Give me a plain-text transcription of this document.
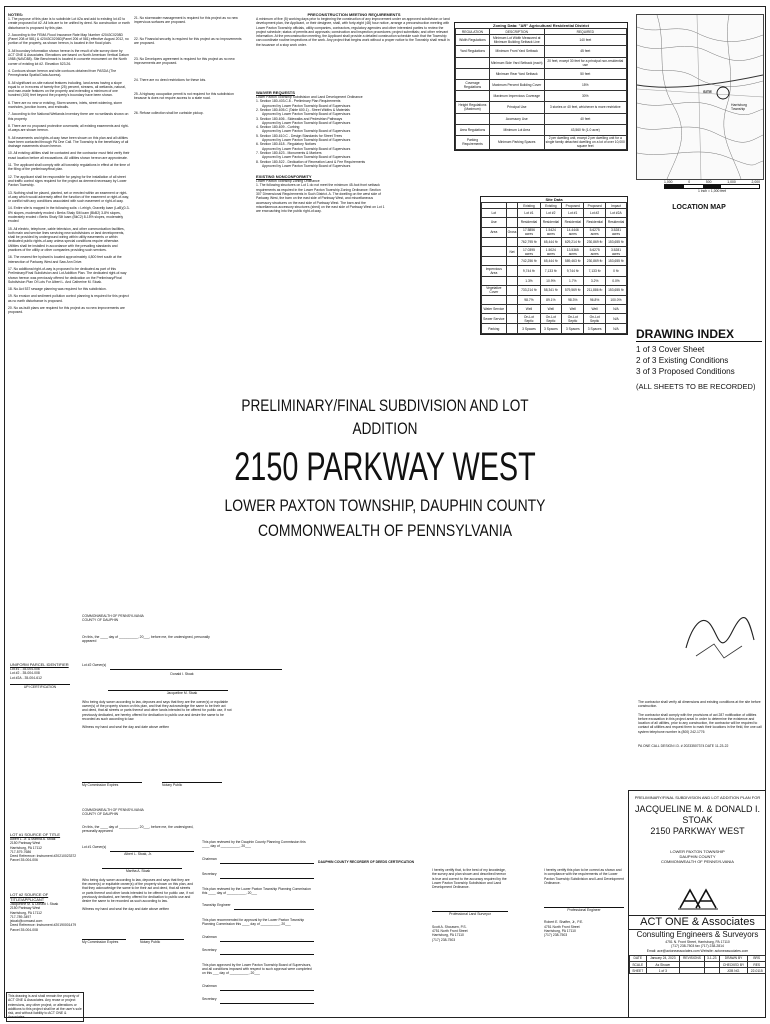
NOTES:

1. The purpose of this plan is to subdivide Lot #2a and add to existing lot #2 to create proposed lot #2. All lots are to be unified by deed. No construction or earth disturbance is proposed by this plan.

2. According to the FEMA Flood Insurance Rate Map Number 42043C0208D (Panel 208 of 581) & 42043C0206D(Panel 206 of 581) effective August 2012, no portion of the property, as shown hereon, is located in the flood plain.

3. All boundary information shown hereon is the result of site survey done by ACT ONE & Associates. Elevations are based on North American Vertical Datum 1988 (NAVD88). Site Benchmark is located in concrete monument on the North corner of existing lot #2. Elevation 523.26.

4. Contours shown hereon and site contours obtained from PASDA (The Pennsylvania Spatial Data Access).

5. All significant on-site natural features including, land areas having a slope equal to or in excess of twenty five (25) percent, streams, all wetlands, natural, and man-made features on the property and extending a minimum of one hundred (100) feet beyond the property's boundary have been shown.

6. There are no new or existing, Storm sewers, inlets, street widening, storm manholes, junction boxes, and endwalls.

7. According to the National Wetlands Inventory there are no wetlands shown on this property.

8. There are no proposed protective covenants; all existing easements and right-of-ways are shown hereon.

9. All easements and rights-of-way have been shown on this plan and all utilities have been contacted through PA One Call. The Township is the beneficiary of all drainage easements shown hereon.

10. All existing utilities shall be contacted and the contractor must field verify their exact location before all excavations. All utilities shown hereon are approximate.

11. The applicant shall comply with all township regulations in effect at the time of the filing of the preliminary/final plan.

12. The applicant shall be responsible for paying for the installation of all street and traffic control signs required for the project as deemed necessary by Lower Paxton Township.

13. Nothing shall be placed, planted, set or erected within an easement or right-of-way which would adversely affect the function of the easement or right-of-way, or conflict with any conditions associated with such easement or right-of-way.

14. Entire site is mapped in the following soils: • Lehigh, Gravelly loam (LaB)(0-3-8% slopes, moderately eroded • Berks Shaly Silt loam (BkB2) 3-8% slopes, moderately eroded • Berks Shaly Silt loam (BkC2) 8-15% slopes, moderately eroded

15. All electric, telephone, cable television, and other communication facilities, both main and service lines servicing new subdivisions or land developments, shall be provided by underground wiring within utility easements or within dedicated public rights-of-way unless special conditions require otherwise. Utilities shall be installed in accordance with the prevailing standards and practices of the utility or other companies providing such services.

16. The nearest fire hydrant is located approximately 4,800 feet south at the intersection of Parkway West and Saw Ann Drive.

17. No additional right-of-way is proposed to be dedicated as part of this Preliminary/Final Subdivision and Lot Addition Plan. The dedicated right-of-way shown hereon was previously offered for dedication on the Preliminary/Final Subdivision Plan Of Lots For Albert L. And Catherine M. Stoak.

18. No Act 537 sewage planning was required for this subdivision.

19. No erosion and sediment pollution control planning is required for this project as no earth disturbance is proposed.

20. No as-built plans are required for this project as no new improvements are proposed.

21. No stormwater management is required for this project as no new impervious surfaces are proposed.

22. No Financial security is required for this project as no improvements are proposed.

23. No Developers agreement is required for this project as no new improvements are proposed.

24. There are no deed restrictions for these lots.

25. A highway occupation permit is not required for this subdivision because is does not require access to a state road.

26. Refuse collection shall be curbside pickup.

PRECONSTRUCTION MEETING REQUIREMENTS

A minimum of five (5) working days prior to beginning the construction of any improvement under an approved subdivision or land development plan, the Applicant, or their designee, shall, with forty-eight (48) hour notice, arrange a preconstruction meeting with Lower Paxton Township officials, utility companies, contractors, regulatory agencies and other interested parties to review the project schedule; status of permits and approvals; construction and inspection procedures; project submittals; and other relevant information. At the preconstruction meeting, the Applicant shall provide a detailed construction schedule such that the Township can coordinate routine inspections of the work. Any project that begins work without a proper notice to the Township shall result in the issuance of a stop work order.

WAIVER REQUESTS
Lower Paxton Township Subdivision and Land Development Ordinance
1. Section 180-403.C.8 - Preliminary Plan Requirements
Approved by Lower Paxton Township Board of Supervisors
2. Section 180-605.C (Table 600.1) - Street Widths & Materials
Approved by Lower Paxton Township Board of Supervisors
3. Section 180-606 - Sidewalks and Pedestrian Pathways
Approved by Lower Paxton Township Board of Supervisors
4. Section 180-609 - Curbing
Approved by Lower Paxton Township Board of Supervisors
5. Section 180-610.C - Design Standards for Street Trees
Approved by Lower Paxton Township Board of Supervisors
6. Section 180-618 - Regulatory Notices
Approved by Lower Paxton Township Board of Supervisors
7. Section 180-623 - Monuments & Markers
Approved by Lower Paxton Township Board of Supervisors
8. Section 180-522 - Dedication of Recreation Land & Fee Requirements
Approved by Lower Paxton Township Board of Supervisors
EXISTING NONCONFORMITY
Lower Paxton Township Zoning Ordinance

1. The following structures on Lot 1 do not meet the minimum 45-foot front setback requirements as required in the Lower Paxton Township Zoning Ordinance: Section 307 Dimensional Requirements in Such District. A. The dwelling on the west side of Parkway West, the barn on the east side of Parkway West, and miscellaneous accessory structures on the east side of Parkway West. The barn and the miscellaneous accessory structures (shed) on the east side of Parkway West on Lot 1 are encroaching into the public right-of-way.

Zoning Data: "AR" Agricultural Residential District
REGULATION	DESCRIPTION	REQUIRED
Width Regulations	Minimum Lot Width Measured at Minimum Building Setback Line	140 feet
Yard Regulations	Minimum Front Yard Setback	45 feet
	Minimum Side Yard Setback (each)	20 feet, except 30 feet for a principal non-residential use
	Minimum Rear Yard Setback	50 feet
Coverage Regulations	Maximum Percent Building Cover	15%
	Maximum Impervious Coverage	30%
Height Regulations (Maximum)	Principal Use	3 stories or 40 feet, whichever is more restrictive
	Accessory Use	40 feet
Area Regulations	Minimum Lot Area	43,560 ft² (1.0 acre)
Parking Requirements	Minimum Parking Spaces	2 per dwelling unit, except 2 per dwelling unit for a single family detached dwelling on a lot of over 10,000 square feet
SITE
Harrisburg Township
1,000	0	500	1,000	2,000
1 inch = 1,000 feet
LOCATION MAP
Site Data
		Existing	Existing	Proposed	Proposed	Impact
Lot		Lot #1	Lot #2	Lot #1	Lot #2	Lot #2A
Use		Residential	Residential	Residential	Residential	Residential
Area	Gross	17.5856 acres	1.5424 acres	14.4446 acres	5.6275 acres	3.5281 acres
		762,795 ft²	65,444 ft²	629,214 ft²	230,869 ft²	153,655 ft²
	Net	17.0395 acres	1.5024 acres	13.5365 acres	5.6275 acres	3.5281 acres
		742,256 ft²	65,444 ft²	589,463 ft²	230,869 ft²	153,655 ft²
Impervious Area		9,744 ft²	7,133 ft²	9,744 ft²	7,133 ft²	0 ft²
		1.3%	10.9%	1.7%	3.2%	0.0%
Vegetative Cover		733,214 ft²	58,341 ft²	579,569 ft²	211,886 ft²	153,655 ft²
		98.7%	89.1%	98.3%	96.8%	100.0%
Water Service		Well	Well	Well	Well	N/A
Sewer Service		On-Lot Septic	On-Lot Septic	On-Lot Septic	On-Lot Septic	N/A
Parking		3 Spaces	3 Spaces	3 Spaces	3 Spaces	N/A DRAWING INDEX
1 of 3 Cover Sheet
2 of 3 Existing Conditions
3 of 3 Proposed Conditions
(ALL SHEETS TO BE RECORDED)
PRELIMINARY/FINAL SUBDIVISION AND LOT
ADDITION
2150 PARKWAY WEST
LOWER PAXTON TOWNSHIP, DAUPHIN COUNTY
COMMONWEALTH OF PENNSYLVANIA
COMMONWEALTH OF PENNSYLVANIA
COUNTY OF DAUPHIN
On this, the ____ day of __________, 20___, before me, the undersigned, personally appeared
Lot #2 Owner(s)
Donald I. Stoak
Jacqueline M. Stoak
Who being duly sworn according to law, deposes and says that they are the owner(s) or equitable owner(s) of the property shown on this plan, and that they acknowledge the same to be their act and deed, that all streets or parts thereof and other lands intended to be offered for public use, if not previously dedicated, are hereby offered for dedication to public use and desire the same to be recorded as such according to law.
Witness my hand and seal the day and date above written
My Commission Expires	Notary Public
UNIFORM PARCEL IDENTIFIER
Lot #1 - 35-004-006
Lot #2 - 35-004-008
Lot #2A - 35-004-612
UPI CERTIFICATION
LOT #1 SOURCE OF TITLE
Albert L. Jr. & Martha A. Stoak
2150 Parkway West
Harrisburg, PA 17112
717-579-7686
Deed Reference: Instrument #20210023372
Parcel 35-004-006
LOT #2 SOURCE OF TITLE/APPLICANT
Jacqueline M. & Donald I. Stoak
2150 Parkway West
Harrisburg, PA 17112
717-789-3497
jstoak@comcast.com
Deed Reference: Instrument #20190001479
Parcel 35-004-008
COMMONWEALTH OF PENNSYLVANIA
COUNTY OF DAUPHIN
On this, the ____ day of __________, 20___, before me, the undersigned, personally appeared
Lot #1 Owner(s)
Albert L. Stoak, Jr.
Martha A. Stoak
Who being duly sworn according to law, deposes and says that they are the owner(s) or equitable owner(s) of the property shown on this plan, and that they acknowledge the same to be their act and deed, that all streets or parts thereof and other lands intended to be offered for public use, if not previously dedicated, are hereby offered for dedication to public use and desire the same to be recorded as such according to law.
Witness my hand and seal the day and date above written
My Commission Expires	Notary Public
This plan reviewed by the Dauphin County Planning Commission this ____ day of __________, 20___
Chairman
Secretary
This plan reviewed by the Lower Paxton Township Planning Commission this ____ day of __________, 20___
Township Engineer
This plan recommended for approval by the Lower Paxton Township Planning Commission this ____ day of __________, 20___
Chairman
Secretary
This plan approved by the Lower Paxton Township Board of Supervisors, and all conditions imposed with respect to such approval were completed on this ___ day of __________, 20___
Chairman
Secretary
DAUPHIN COUNTY RECORDER OF DEEDS CERTIFICATION
I hereby certify that, to the best of my knowledge, the survey and plan shown and described hereon is true and correct to the accuracy required by the Lower Paxton Township Subdivision and Land Development Ordinance.
Professional Land Surveyor
Scott A. Shouwen, P.S.
4751 North Front Street
Harrisburg, PA 17110
(717) 238-7503
I hereby certify this plan to be correct as shown and in compliance with the requirements of the Lower Paxton Township Subdivision and Land Development Ordinance.
Professional Engineer
Robert E. Shaffer, Jr., P.E.
4751 North Front Street
Harrisburg, PA 17110
(717) 238-7503
The contractor shall verify all dimensions and existing conditions at the site before construction.
The contractor shall comply with the provisions of act 287 notification of utilities before excavation in this project area! In order to determine the existence and location of all utilities, prior to any construction, the contractor will be required to contact all utilities and request them to mark their locations in the field, the one call system telephone number is (800) 242-1776
PA ONE CALL DESIGN I.D. # 20233507374 DATE 11-23-22
PRELIMINARY/FINAL SUBDIVISION AND LOT ADDITION PLAN FOR
JACQUELINE M. & DONALD I. STOAK
2150 PARKWAY WEST
LOWER PAXTON TOWNSHIP
DAUPHIN COUNTY
COMMONWEALTH OF PENNSYLVANIA
ACT ONE & Associates
Consulting Engineers & Surveyors
4751 N. Front Street, Harrisburg, PA 17110
(717) 238-7503 fax (717) 238-2814
Email: ace@actoneassociates.com Website: actoneassociates.com
DATE	January 24, 2023	REVISIONS	3-1-23	DRAWN BY	BRS
SCALE	As Shown			CHECKED BY	RES
SHEET	1 of 3			JOB NO.	22-0115
This drawing is and shall remain the property of ACT ONE & Associates. Any reuse or project extensions, any other project, or alterations or additions to this project shall be at the user's sole risk, and without liability to ACT ONE & Associates.
